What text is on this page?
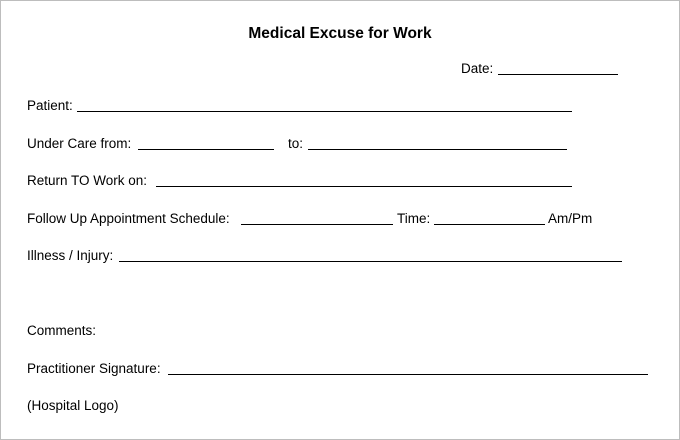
Medical Excuse for Work
Date:
Patient:
Under Care from:	to:
Return TO Work on:
Follow Up Appointment Schedule:	Time:	Am/Pm
Illness / Injury:
Comments:
Practitioner Signature:
(Hospital Logo)
